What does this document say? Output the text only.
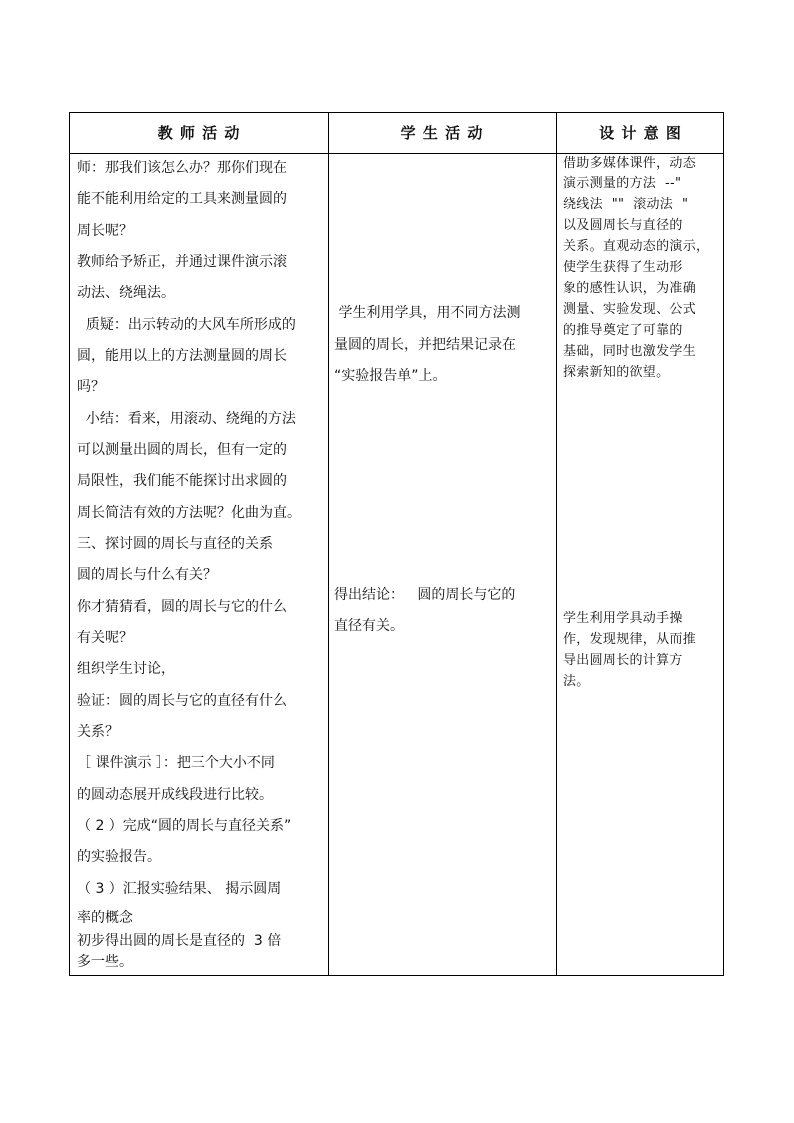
教 师 活 动	学 生 活 动	设 计 意 图
师：那我们该怎么办？那你们现在
能不能利用给定的工具来测量圆的
周长呢？
教师给予矫正，并通过课件演示滚
动法、绕绳法。
质疑：出示转动的大风车所形成的
圆，能用以上的方法测量圆的周长
吗？
小结：看来，用滚动、绕绳的方法
可以测量出圆的周长，但有一定的
局限性，我们能不能探讨出求圆的
周长简洁有效的方法呢？化曲为直。
三、探讨圆的周长与直径的关系
圆的周长与什么有关？
你才猜猜看，圆的周长与它的什么
有关呢？
组织学生讨论，
验证：圆的周长与它的直径有什么
关系？
［ 课件演示 ］：把三个大小不同
的圆动态展开成线段进行比较。
（ 2 ）完成“圆的周长与直径关系”
的实验报告。
（ 3 ）汇报实验结果、 揭示圆周
率的概念
初步得出圆的周长是直径的  3 倍
多一些。
学生利用学具，用不同方法测
量圆的周长，并把结果记录在
“实验报告单”上。
得出结论：   圆的周长与它的
直径有关。
借助多媒体课件，动态
演示测量的方法  --"
绕线法  ""  滚动法  "
以及圆周长与直径的
关系。直观动态的演示，
使学生获得了生动形
象的感性认识，为准确
测量、实验发现、公式
的推导奠定了可靠的
基础，同时也激发学生
探索新知的欲望。
学生利用学具动手操
作，发现规律，从而推
导出圆周长的计算方
法。
